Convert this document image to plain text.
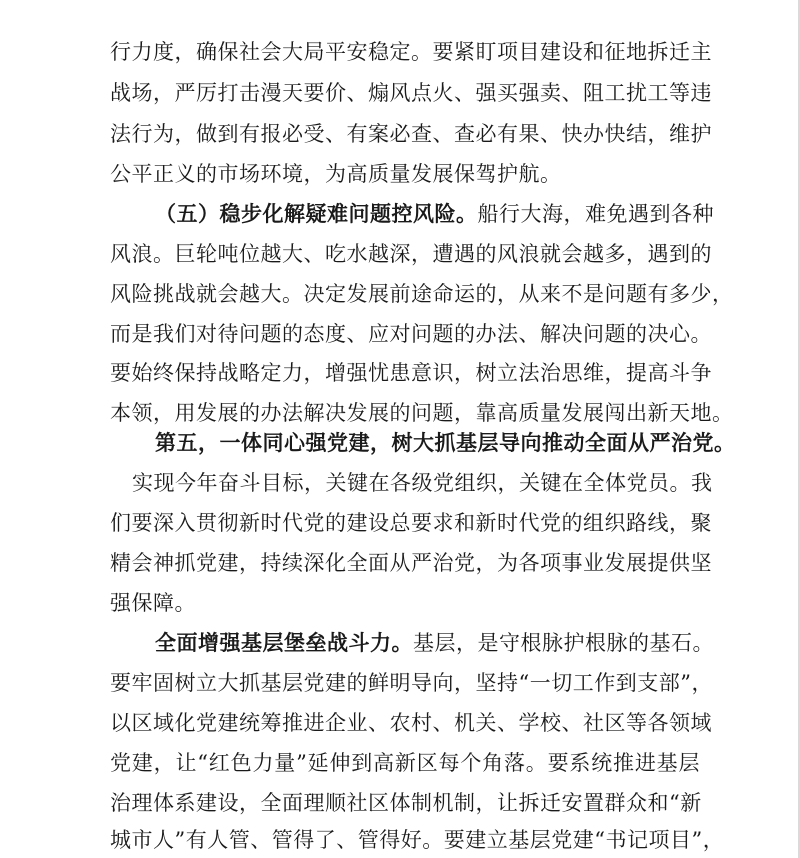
行力度，确保社会大局平安稳定。要紧盯项目建设和征地拆迁主
战场，严厉打击漫天要价、煽风点火、强买强卖、阻工扰工等违
法行为，做到有报必受、有案必查、查必有果、快办快结，维护
公平正义的市场环境，为高质量发展保驾护航。
（五）稳步化解疑难问题控风险。船行大海，难免遇到各种
风浪。巨轮吨位越大、吃水越深，遭遇的风浪就会越多，遇到的
风险挑战就会越大。决定发展前途命运的，从来不是问题有多少，
而是我们对待问题的态度、应对问题的办法、解决问题的决心。
要始终保持战略定力，增强忧患意识，树立法治思维，提高斗争
本领，用发展的办法解决发展的问题，靠高质量发展闯出新天地。
第五，一体同心强党建，树大抓基层导向推动全面从严治党。
实现今年奋斗目标，关键在各级党组织，关键在全体党员。我
们要深入贯彻新时代党的建设总要求和新时代党的组织路线，聚
精会神抓党建，持续深化全面从严治党，为各项事业发展提供坚
强保障。
全面增强基层堡垒战斗力。基层，是守根脉护根脉的基石。
要牢固树立大抓基层党建的鲜明导向，坚持“一切工作到支部”，
以区域化党建统筹推进企业、农村、机关、学校、社区等各领域
党建，让“红色力量”延伸到高新区每个角落。要系统推进基层
治理体系建设，全面理顺社区体制机制，让拆迁安置群众和“新
城市人”有人管、管得了、管得好。要建立基层党建“书记项目”，
